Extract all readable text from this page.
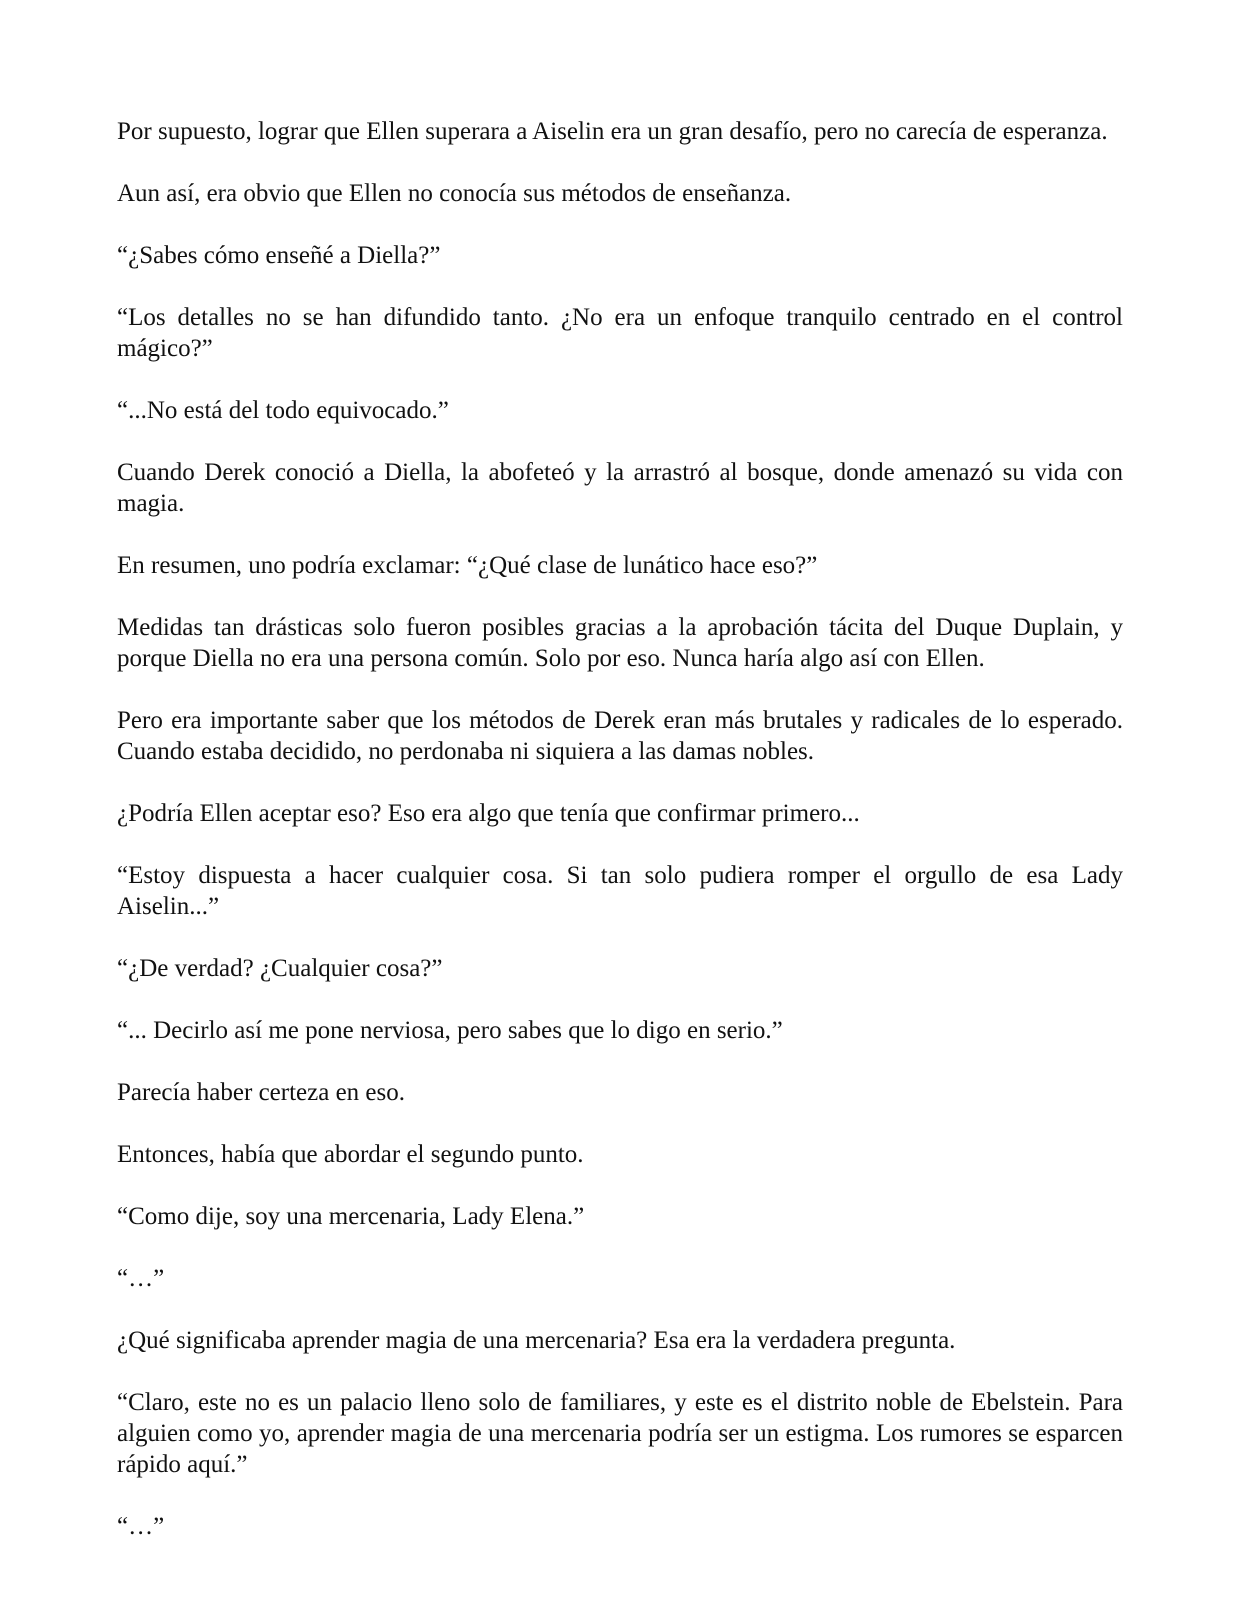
Por supuesto, lograr que Ellen superara a Aiselin era un gran desafío, pero no carecía de esperanza.

Aun así, era obvio que Ellen no conocía sus métodos de enseñanza.

“¿Sabes cómo enseñé a Diella?”

“Los detalles no se han difundido tanto. ¿No era un enfoque tranquilo centrado en el control mágico?”

“...No está del todo equivocado.”

Cuando Derek conoció a Diella, la abofeteó y la arrastró al bosque, donde amenazó su vida con magia.

En resumen, uno podría exclamar: “¿Qué clase de lunático hace eso?”

Medidas tan drásticas solo fueron posibles gracias a la aprobación tácita del Duque Duplain, y porque Diella no era una persona común. Solo por eso. Nunca haría algo así con Ellen.

Pero era importante saber que los métodos de Derek eran más brutales y radicales de lo esperado. Cuando estaba decidido, no perdonaba ni siquiera a las damas nobles.

¿Podría Ellen aceptar eso? Eso era algo que tenía que confirmar primero...

“Estoy dispuesta a hacer cualquier cosa. Si tan solo pudiera romper el orgullo de esa Lady Aiselin...”

“¿De verdad? ¿Cualquier cosa?”

“... Decirlo así me pone nerviosa, pero sabes que lo digo en serio.”

Parecía haber certeza en eso.

Entonces, había que abordar el segundo punto.

“Como dije, soy una mercenaria, Lady Elena.”

“…”

¿Qué significaba aprender magia de una mercenaria? Esa era la verdadera pregunta.

“Claro, este no es un palacio lleno solo de familiares, y este es el distrito noble de Ebelstein. Para alguien como yo, aprender magia de una mercenaria podría ser un estigma. Los rumores se esparcen rápido aquí.”

“…”
